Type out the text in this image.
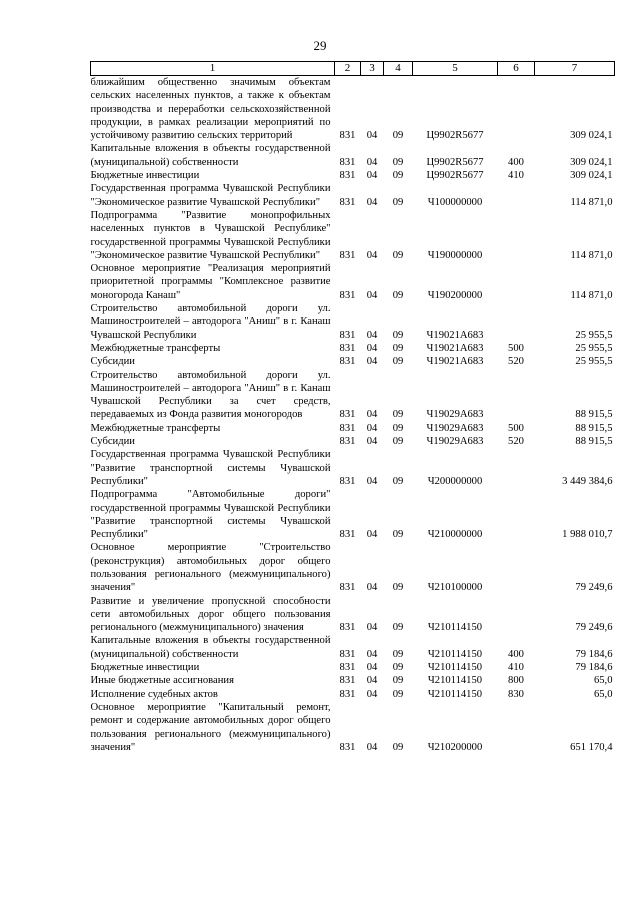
29
1	2	3	4	5	6	7
ближайшим общественно значимым объектам сельских населенных пунктов, а также к объектам производства и переработки сельскохозяйственной продукции, в рамках реализации мероприятий по устойчивому развитию сельских территорий	831	04	09	Ц9902R5677		309 024,1
Капитальные вложения в объекты государственной (муниципальной) собственности	831	04	09	Ц9902R5677	400	309 024,1
Бюджетные инвестиции	831	04	09	Ц9902R5677	410	309 024,1
Государственная программа Чувашской Республики "Экономическое развитие Чувашской Республики"	831	04	09	Ч100000000		114 871,0
Подпрограмма "Развитие монопрофильных населенных пунктов в Чувашской Республике" государственной программы Чувашской Республики "Экономическое развитие Чувашской Республики"	831	04	09	Ч190000000		114 871,0
Основное мероприятие "Реализация мероприятий приоритетной программы "Комплексное развитие моногорода Канаш"	831	04	09	Ч190200000		114 871,0
Строительство автомобильной дороги ул. Машиностроителей – автодорога "Аниш" в г. Канаш Чувашской Республики	831	04	09	Ч19021A683		25 955,5
Межбюджетные трансферты	831	04	09	Ч19021A683	500	25 955,5
Субсидии	831	04	09	Ч19021A683	520	25 955,5
Строительство автомобильной дороги ул. Машиностроителей – автодорога "Аниш" в г. Канаш Чувашской Республики за счет средств, передаваемых из Фонда развития моногородов	831	04	09	Ч19029A683		88 915,5
Межбюджетные трансферты	831	04	09	Ч19029A683	500	88 915,5
Субсидии	831	04	09	Ч19029A683	520	88 915,5
Государственная программа Чувашской Республики "Развитие транспортной системы Чувашской Республики"	831	04	09	Ч200000000		3 449 384,6
Подпрограмма "Автомобильные дороги" государственной программы Чувашской Республики "Развитие транспортной системы Чувашской Республики"	831	04	09	Ч210000000		1 988 010,7
Основное мероприятие "Строительство (реконструкция) автомобильных дорог общего пользования регионального (межмуниципального) значения"	831	04	09	Ч210100000		79 249,6
Развитие и увеличение пропускной способности сети автомобильных дорог общего пользования регионального (межмуниципального) значения	831	04	09	Ч210114150		79 249,6
Капитальные вложения в объекты государственной (муниципальной) собственности	831	04	09	Ч210114150	400	79 184,6
Бюджетные инвестиции	831	04	09	Ч210114150	410	79 184,6
Иные бюджетные ассигнования	831	04	09	Ч210114150	800	65,0
Исполнение судебных актов	831	04	09	Ч210114150	830	65,0
Основное мероприятие "Капитальный ремонт, ремонт и содержание автомобильных дорог общего пользования регионального (межмуниципального) значения"	831	04	09	Ч210200000		651 170,4
